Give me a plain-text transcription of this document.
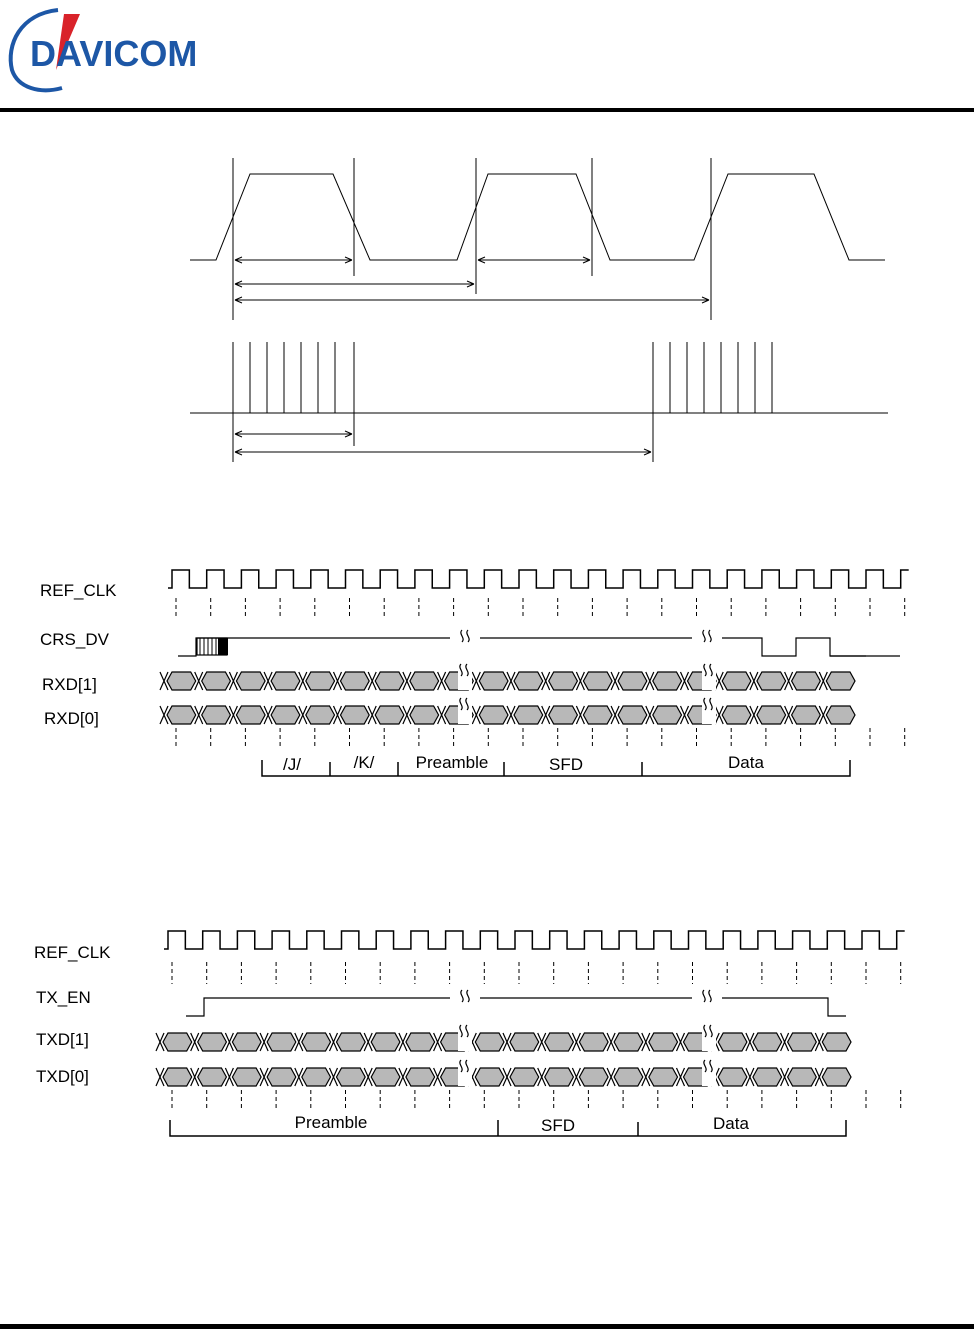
DAVICOM
REF_CLK
CRS_DV
RXD[1]
RXD[0]
/J/	/K/ Preamble	SFD	Data
REF_CLK
TX_EN
TXD[1]
TXD[0]
Preamble	SFD	Data
